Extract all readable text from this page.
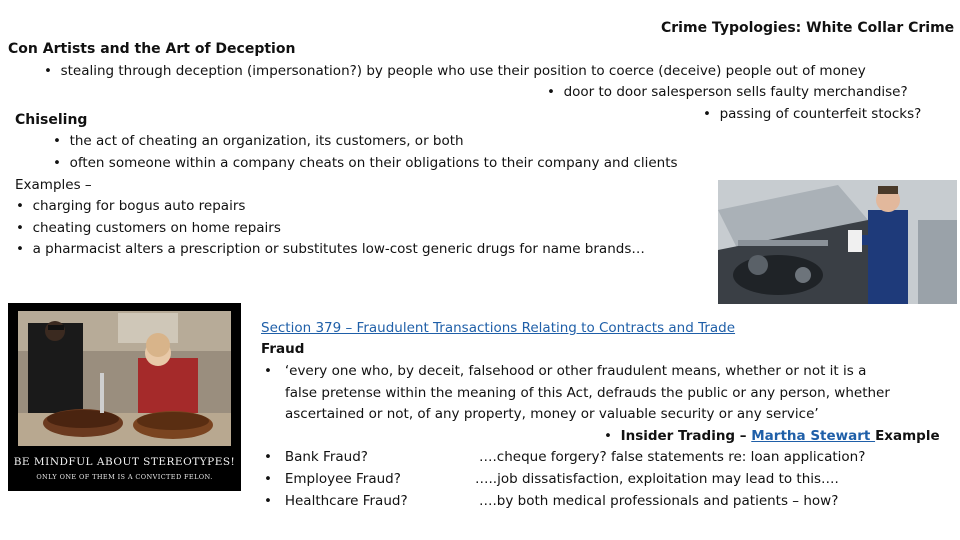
Crime Typologies: White Collar Crime
Con Artists and the Art of Deception
• stealing through deception (impersonation?) by people who use their position to coerce (deceive) people out of money
• door to door salesperson sells faulty merchandise?
• passing of counterfeit stocks?
Chiseling
• the act of cheating an organization, its customers, or both
• often someone within a company cheats on their obligations to their company and clients
Examples –
• charging for bogus auto repairs
• cheating customers on home repairs
• a pharmacist alters a prescription or substitutes low-cost generic drugs for name brands…
BE MINDFUL ABOUT STEREOTYPES!
ONLY ONE OF THEM IS A CONVICTED FELON.
Section 379 – Fraudulent Transactions Relating to Contracts and Trade
Fraud
• ‘every one who, by deceit, falsehood or other fraudulent means, whether or not it is a
false pretense within the meaning of this Act, defrauds the public or any person, whether
ascertained or not, of any property, money or valuable security or any service’
• Insider Trading – Martha Stewart Example
• Bank Fraud?	….cheque forgery? false statements re: loan application?
• Employee Fraud?	…..job dissatisfaction, exploitation may lead to this….
• Healthcare Fraud?	….by both medical professionals and patients – how?
